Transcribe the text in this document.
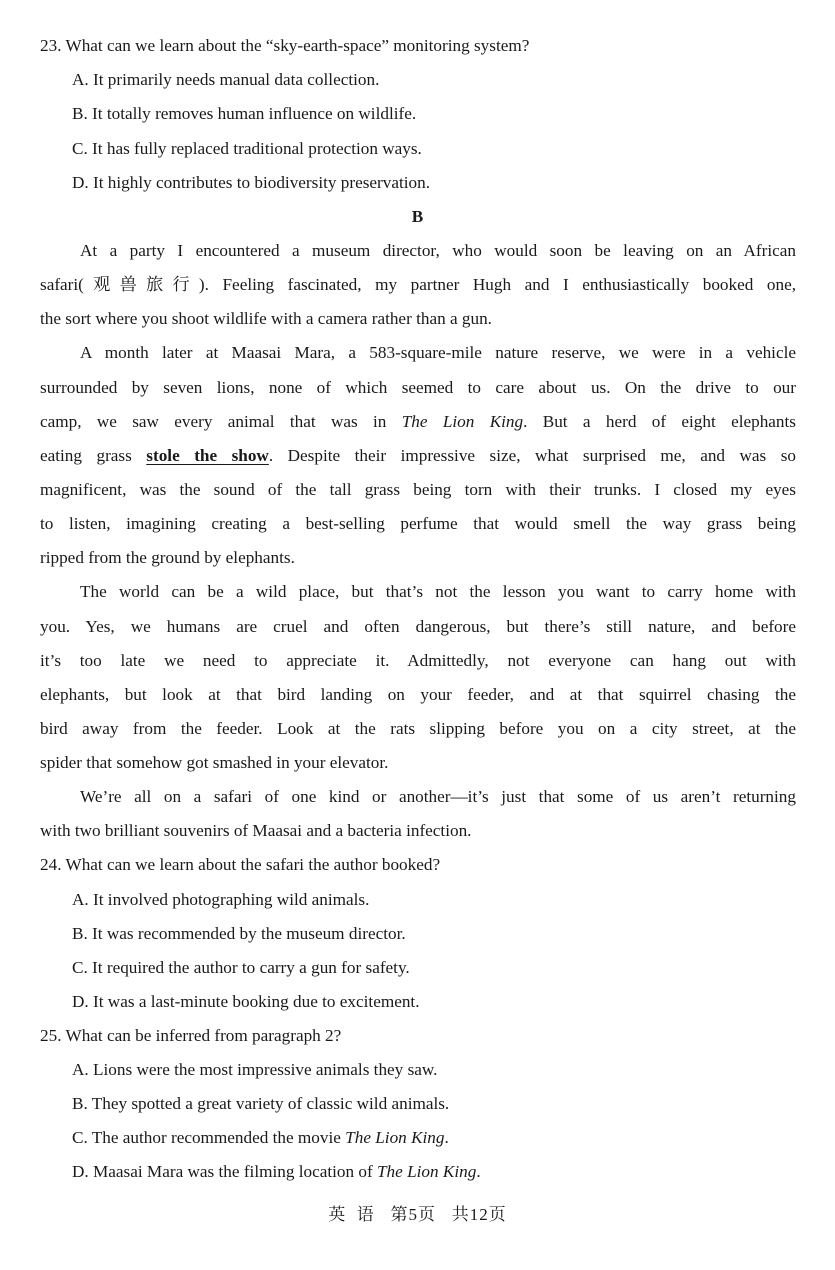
23. What can we learn about the “sky-earth-space” monitoring system?
A. It primarily needs manual data collection.
B. It totally removes human influence on wildlife.
C. It has fully replaced traditional protection ways.
D. It highly contributes to biodiversity preservation.
B
At a party I encountered a museum director, who would soon be leaving on an African
safari(观兽旅行). Feeling fascinated, my partner Hugh and I enthusiastically booked one,
the sort where you shoot wildlife with a camera rather than a gun.
A month later at Maasai Mara, a 583-square-mile nature reserve, we were in a vehicle
surrounded by seven lions, none of which seemed to care about us. On the drive to our
camp, we saw every animal that was in The Lion King. But a herd of eight elephants
eating grass stole the show. Despite their impressive size, what surprised me, and was so
magnificent, was the sound of the tall grass being torn with their trunks. I closed my eyes
to listen, imagining creating a best-selling perfume that would smell the way grass being
ripped from the ground by elephants.
The world can be a wild place, but that’s not the lesson you want to carry home with
you. Yes, we humans are cruel and often dangerous, but there’s still nature, and before
it’s too late we need to appreciate it. Admittedly, not everyone can hang out with
elephants, but look at that bird landing on your feeder, and at that squirrel chasing the
bird away from the feeder. Look at the rats slipping before you on a city street, at the
spider that somehow got smashed in your elevator.
We’re all on a safari of one kind or another—it’s just that some of us aren’t returning
with two brilliant souvenirs of Maasai and a bacteria infection.
24. What can we learn about the safari the author booked?
A. It involved photographing wild animals.
B. It was recommended by the museum director.
C. It required the author to carry a gun for safety.
D. It was a last-minute booking due to excitement.
25. What can be inferred from paragraph 2?
A. Lions were the most impressive animals they saw.
B. They spotted a great variety of classic wild animals.
C. The author recommended the movie The Lion King.
D. Maasai Mara was the filming location of The Lion King.
英  语   第5页   共12页
